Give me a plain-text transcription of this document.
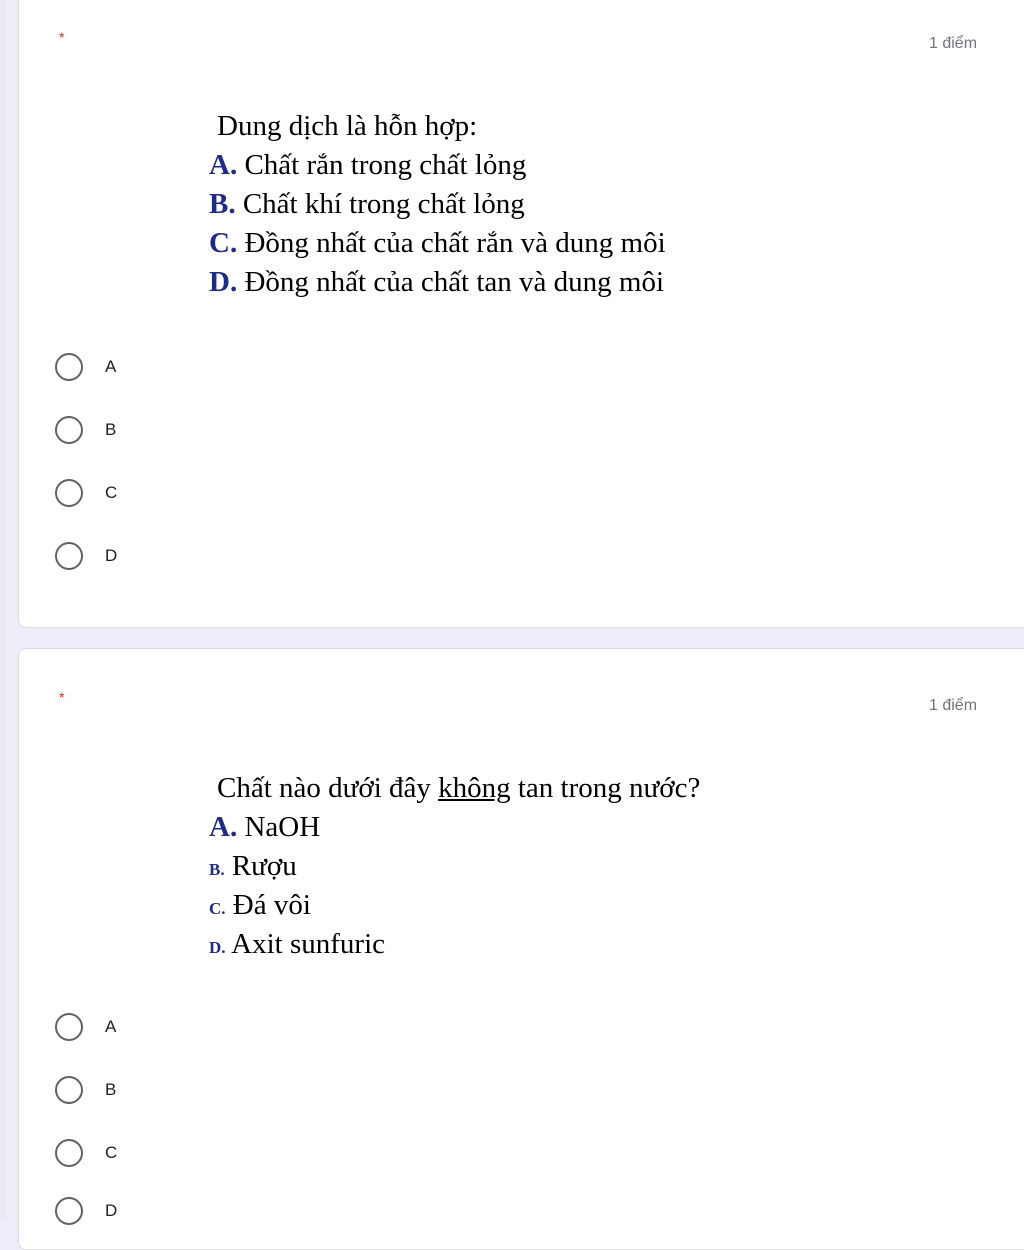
*	1 điểm
Dung dịch là hỗn hợp:
A. Chất rắn trong chất lỏng
B. Chất khí trong chất lỏng
C. Đồng nhất của chất rắn và dung môi
D. Đồng nhất của chất tan và dung môi
A
B
C
D
*	1 điểm
Chất nào dưới đây không tan trong nước?
A. NaOH
B. Rượu
C. Đá vôi
D. Axit sunfuric
A
B
C
D
